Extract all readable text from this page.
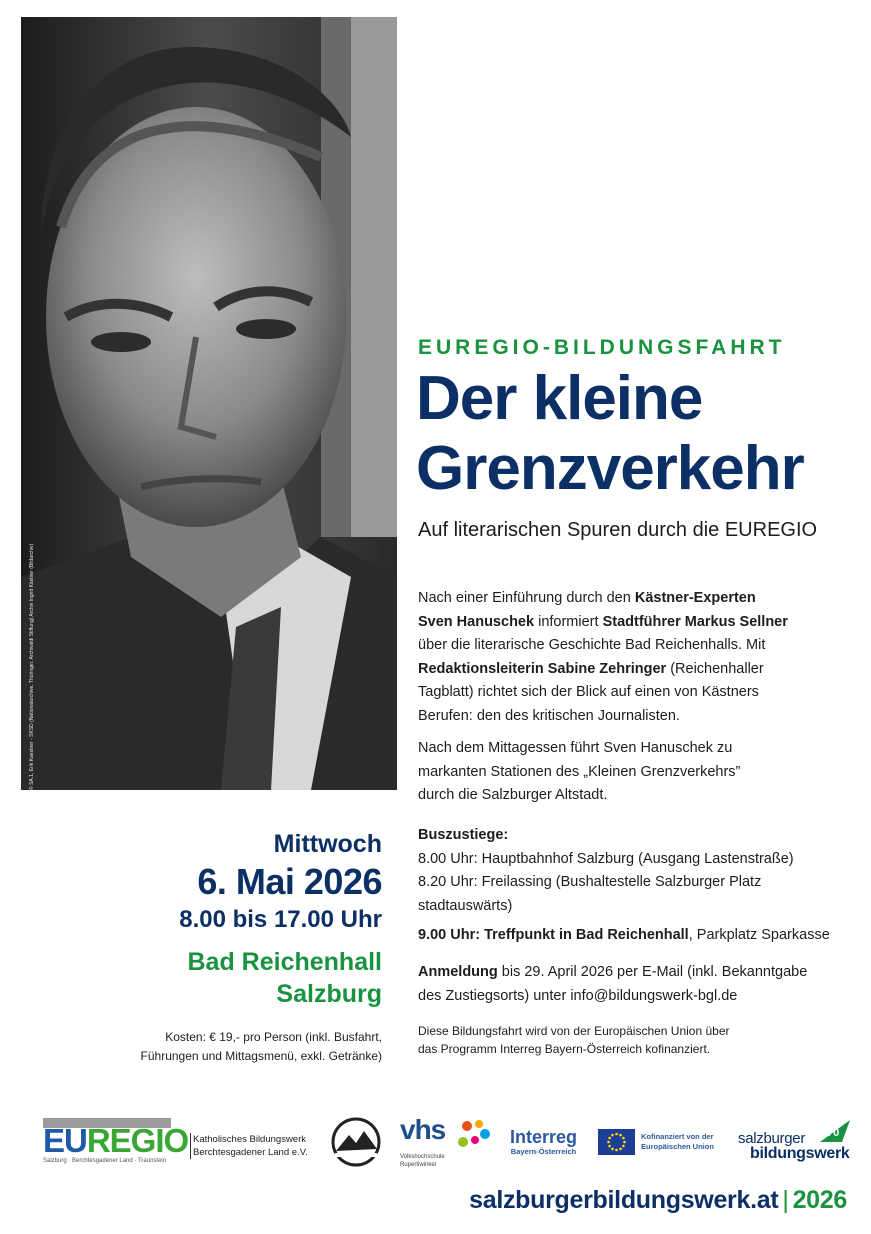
© SA.1, Erik Kaestner - SKSD (Nationalarchive, Thüringer, Archivaldi Stiftung) Archiv Ingrid Kästner (Bildarchiv)
EUREGIO-BILDUNGSFAHRT
Der kleine
Grenzverkehr
Auf literarischen Spuren durch die EUREGIO

Nach einer Einführung durch den Kästner-Experten

Sven Hanuschek informiert Stadtführer Markus Sellner

über die literarische Geschichte Bad Reichenhalls. Mit

Redaktionsleiterin Sabine Zehringer (Reichenhaller

Tagblatt) richtet sich der Blick auf einen von Kästners

Berufen: den des kritischen Journalisten.

Nach dem Mittagessen führt Sven Hanuschek zu

markanten Stationen des „Kleinen Grenzverkehrs”

durch die Salzburger Altstadt.

Buszustiege:

8.00 Uhr: Hauptbahnhof Salzburg (Ausgang Lastenstraße)

8.20 Uhr: Freilassing (Bushaltestelle Salzburger Platz

stadtauswärts)

9.00 Uhr: Treffpunkt in Bad Reichenhall, Parkplatz Sparkasse

Anmeldung bis 29. April 2026 per E-Mail (inkl. Bekanntgabe

des Zustiegsorts) unter info@bildungswerk-bgl.de

Diese Bildungsfahrt wird von der Europäischen Union über
das Programm Interreg Bayern-Österreich kofinanziert.
Mittwoch
6. Mai 2026
8.00 bis 17.00 Uhr
Bad Reichenhall
Salzburg
Kosten: € 19,- pro Person (inkl. Busfahrt,
Führungen und Mittagsmenü, exkl. Getränke)
EUREGIO
Salzburg · Berchtesgadener Land · Traunstein
Katholisches Bildungswerk
Berchtesgadener Land e.V.
vhs
Volkshochschule
Rupertiwinkel
Interreg
Bayern-Österreich
Kofinanziert von der
Europäischen Union salzburger
bildungswerk
70
salzburgerbildungswerk.at | 2026
